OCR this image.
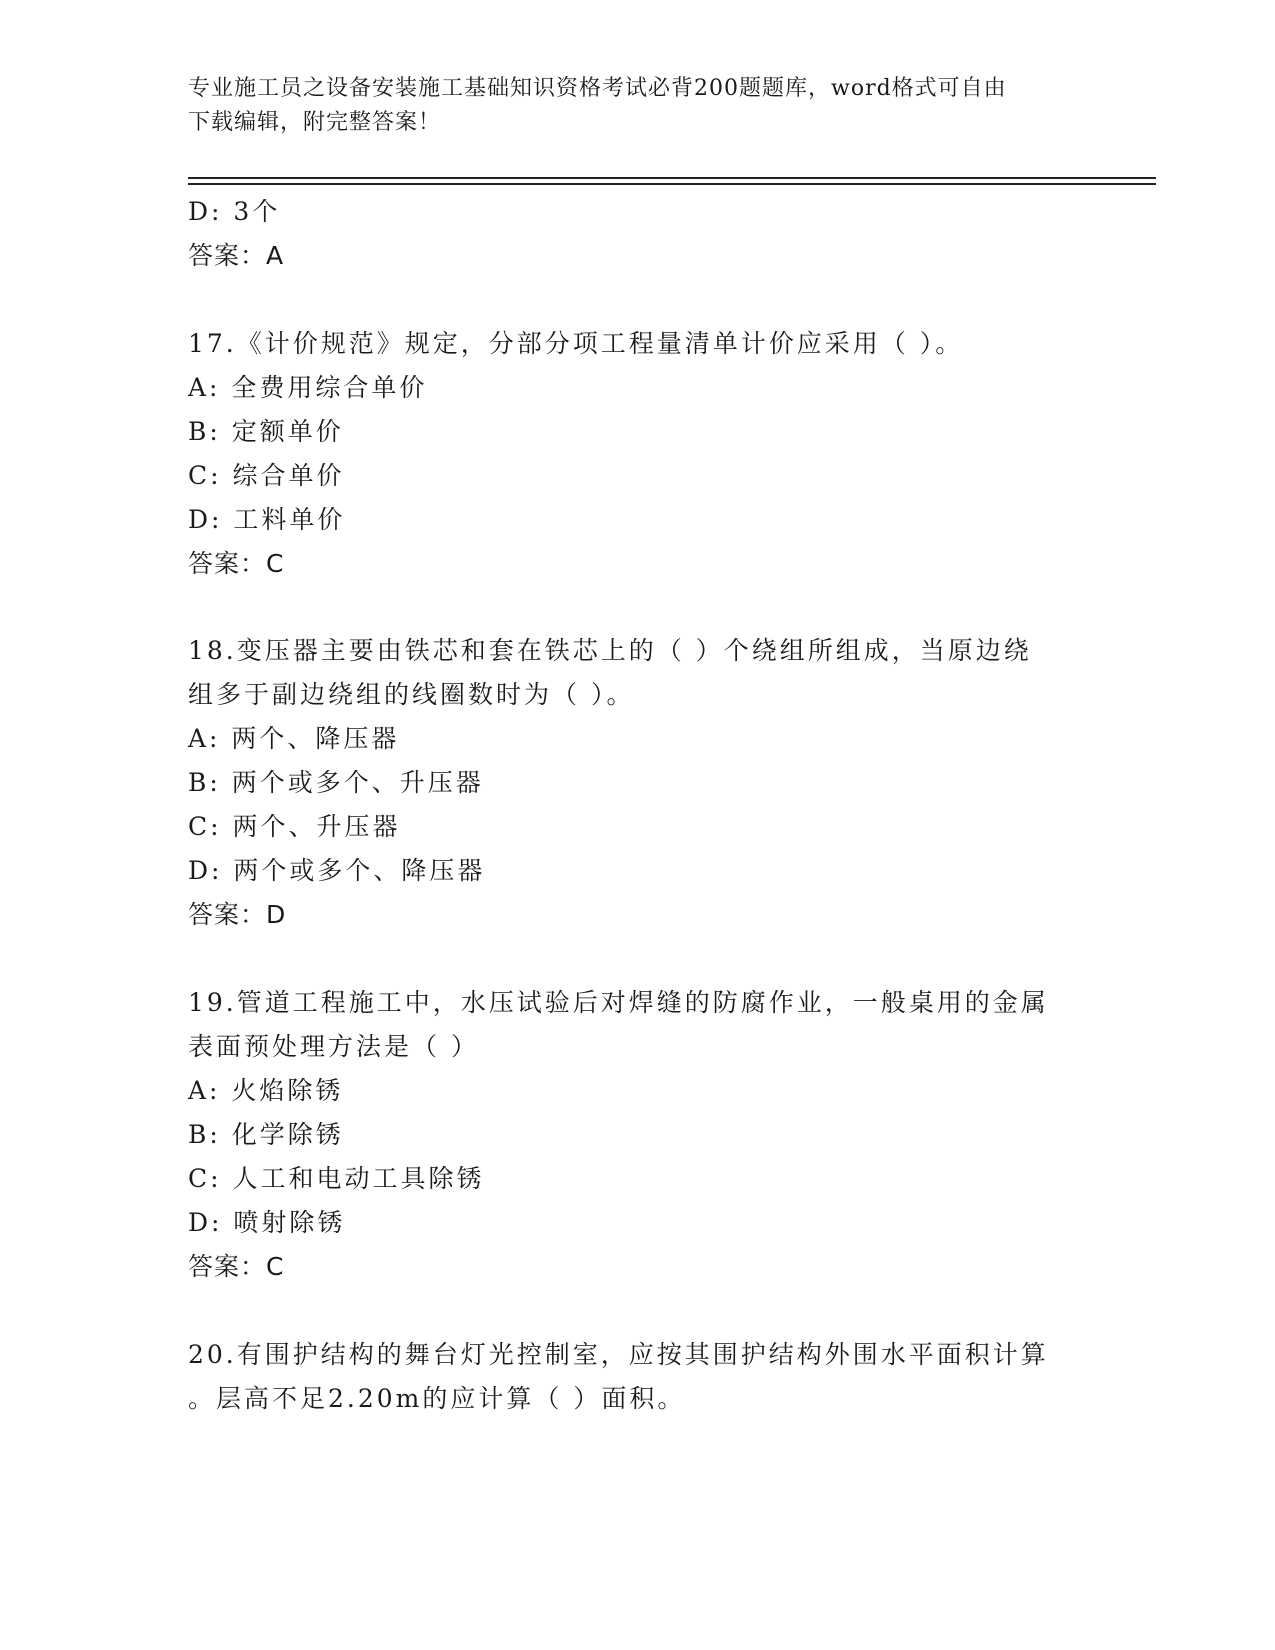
专业施工员之设备安装施工基础知识资格考试必背200题题库，word格式可自由
下载编辑，附完整答案！
D: 3个
答案：A
17.《计价规范》规定，分部分项工程量清单计价应采用（ ）。
A: 全费用综合单价
B: 定额单价
C: 综合单价
D: 工料单价
答案：C
18.变压器主要由铁芯和套在铁芯上的（ ）个绕组所组成，当原边绕
组多于副边绕组的线圈数时为（ ）。
A: 两个、降压器
B: 两个或多个、升压器
C: 两个、升压器
D: 两个或多个、降压器
答案：D
19.管道工程施工中，水压试验后对焊缝的防腐作业，一般桌用的金属
表面预处理方法是（ ）
A: 火焰除锈
B: 化学除锈
C: 人工和电动工具除锈
D: 喷射除锈
答案：C
20.有围护结构的舞台灯光控制室，应按其围护结构外围水平面积计算
。层高不足2.20m的应计算（ ）面积。
